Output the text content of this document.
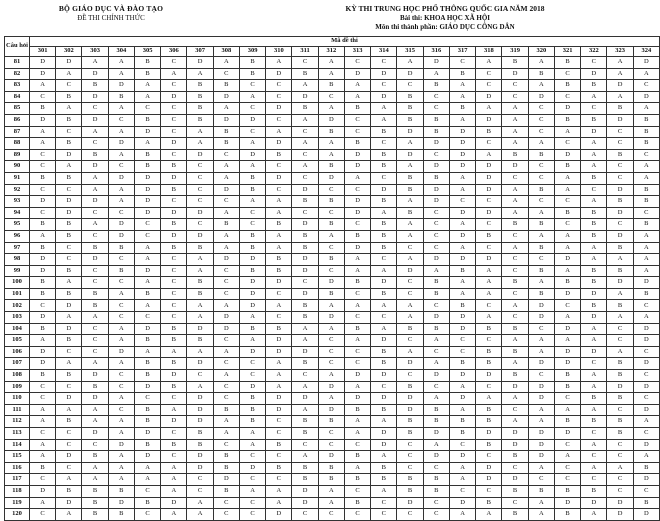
BỘ GIÁO DỤC VÀ ĐÀO TẠO
ĐỀ THI CHÍNH THỨC
KỲ THI TRUNG HỌC PHỔ THÔNG QUỐC GIA NĂM 2018
Bài thi: KHOA HỌC XÃ HỘI
Môn thi thành phần: GIÁO DỤC CÔNG DÂN
Câu hỏi	Mã đề thi																							
	301	302	303	304	305	306	307	308	309	310	311	312	313	314	315	316	317	318	319	320	321	322	323	324
81	D	D	A	A	B	C	D	A	B	A	C	A	C	C	A	D	C	A	B	A	B	C	A	D
82	D	A	D	A	B	A	A	C	B	D	B	A	D	D	D	A	B	C	D	B	C	D	A	A
83	A	C	B	D	A	C	B	B	C	C	A	B	A	C	C	B	A	C	C	A	B	B	D	C
84	C	B	D	B	A	D	B	D	A	C	D	C	A	D	B	C	A	D	C	D	C	A	A	D
85	B	A	C	A	C	C	B	A	C	D	B	A	B	A	B	C	B	A	A	C	D	C	B	A
86	D	B	D	C	B	C	B	D	D	C	A	D	C	A	B	B	A	D	A	C	B	B	D	B
87	A	C	A	A	D	C	A	B	C	A	C	B	C	B	D	B	D	B	A	C	A	D	C	B
88	A	B	C	D	A	D	A	B	A	D	A	A	B	C	A	D	D	C	A	A	C	A	C	B
89	C	D	B	A	B	C	D	C	D	B	C	A	D	B	D	C	D	A	B	B	D	A	B	C
90	C	A	D	C	B	B	C	A	A	C	A	B	D	B	A	D	D	D	D	C	B	A	C	A
91	B	B	A	D	D	D	C	A	B	D	C	D	A	C	B	B	A	D	C	C	A	B	C	A
92	C	C	A	A	D	B	C	D	B	C	D	C	C	D	B	D	A	D	A	B	A	C	D	B
93	D	D	D	A	D	C	C	C	A	A	B	B	D	B	A	D	C	C	A	C	C	A	B	B
94	C	D	C	C	D	D	D	A	C	A	C	C	D	A	B	C	D	D	A	A	B	B	D	C
95	B	B	A	D	C	B	C	B	C	B	D	B	C	B	A	C	A	C	B	B	C	B	C	B
96	A	B	C	D	C	D	D	A	B	A	B	A	B	B	A	C	D	B	C	A	A	B	D	A
97	B	C	B	B	A	B	B	A	B	A	B	C	D	B	C	C	A	C	A	B	A	A	B	A
98	D	C	D	C	A	C	A	D	D	B	D	B	A	C	A	D	D	D	C	C	D	A	A	A
99	D	B	C	B	D	C	A	C	B	B	D	C	A	A	D	A	B	A	C	B	A	B	B	A
100	B	A	C	C	A	C	B	C	D	D	C	D	B	D	C	B	A	A	B	A	B	B	D	D
101	B	B	B	A	B	C	B	C	D	C	D	B	C	B	C	B	A	A	C	B	D	D	A	B
102	C	D	B	C	A	C	A	A	D	A	B	A	A	A	A	C	B	C	A	D	C	B	B	C
103	D	A	A	C	C	C	A	D	A	C	B	D	C	C	A	D	D	A	C	D	A	D	A	A
104	B	D	C	A	D	B	D	D	B	B	A	A	B	A	B	B	D	B	B	C	D	A	C	D
105	A	B	C	A	B	B	B	C	A	D	A	C	A	D	C	A	C	C	A	A	A	A	C	D
106	D	C	C	D	A	A	A	A	D	D	D	C	C	B	A	C	C	B	B	A	D	D	A	C
107	D	A	A	A	B	B	D	C	C	A	B	C	C	B	D	A	B	B	A	D	D	C	B	D
108	B	B	D	C	B	D	C	A	C	A	C	A	D	D	C	D	D	D	B	C	B	A	B	C
109	C	C	B	C	D	B	A	C	D	A	A	D	A	C	B	C	A	C	D	D	B	A	D	D
110	C	D	D	A	C	C	D	C	B	D	D	A	D	D	D	A	D	A	A	D	C	B	B	C
111	A	A	A	C	B	A	D	B	B	D	A	D	B	B	D	B	A	B	C	A	A	A	C	D
112	A	B	A	A	B	D	D	A	B	C	B	B	A	A	B	B	B	B	A	A	B	B	B	A
113	C	C	D	A	D	C	B	A	A	C	B	C	A	D	B	D	B	D	D	D	D	C	B	C
114	A	C	C	D	B	B	B	C	A	B	C	C	C	D	C	A	C	B	D	D	C	A	C	D
115	A	D	B	A	D	C	D	B	C	C	A	D	B	A	C	D	D	C	B	D	A	C	C	A
116	B	C	A	A	A	A	D	B	D	B	B	B	A	B	C	C	A	D	C	A	C	A	A	B
117	C	A	A	A	A	A	C	D	C	C	B	B	B	B	B	B	A	D	D	C	C	C	C	D
118	D	B	B	B	C	A	C	B	A	A	D	A	C	A	B	B	C	C	B	B	B	B	C	C
119	A	D	B	D	B	D	A	C	C	A	D	A	B	C	D	C	D	B	C	A	D	D	D	B
120	C	A	B	B	C	A	A	C	C	D	C	C	C	C	C	C	A	A	B	A	B	A	D	D
